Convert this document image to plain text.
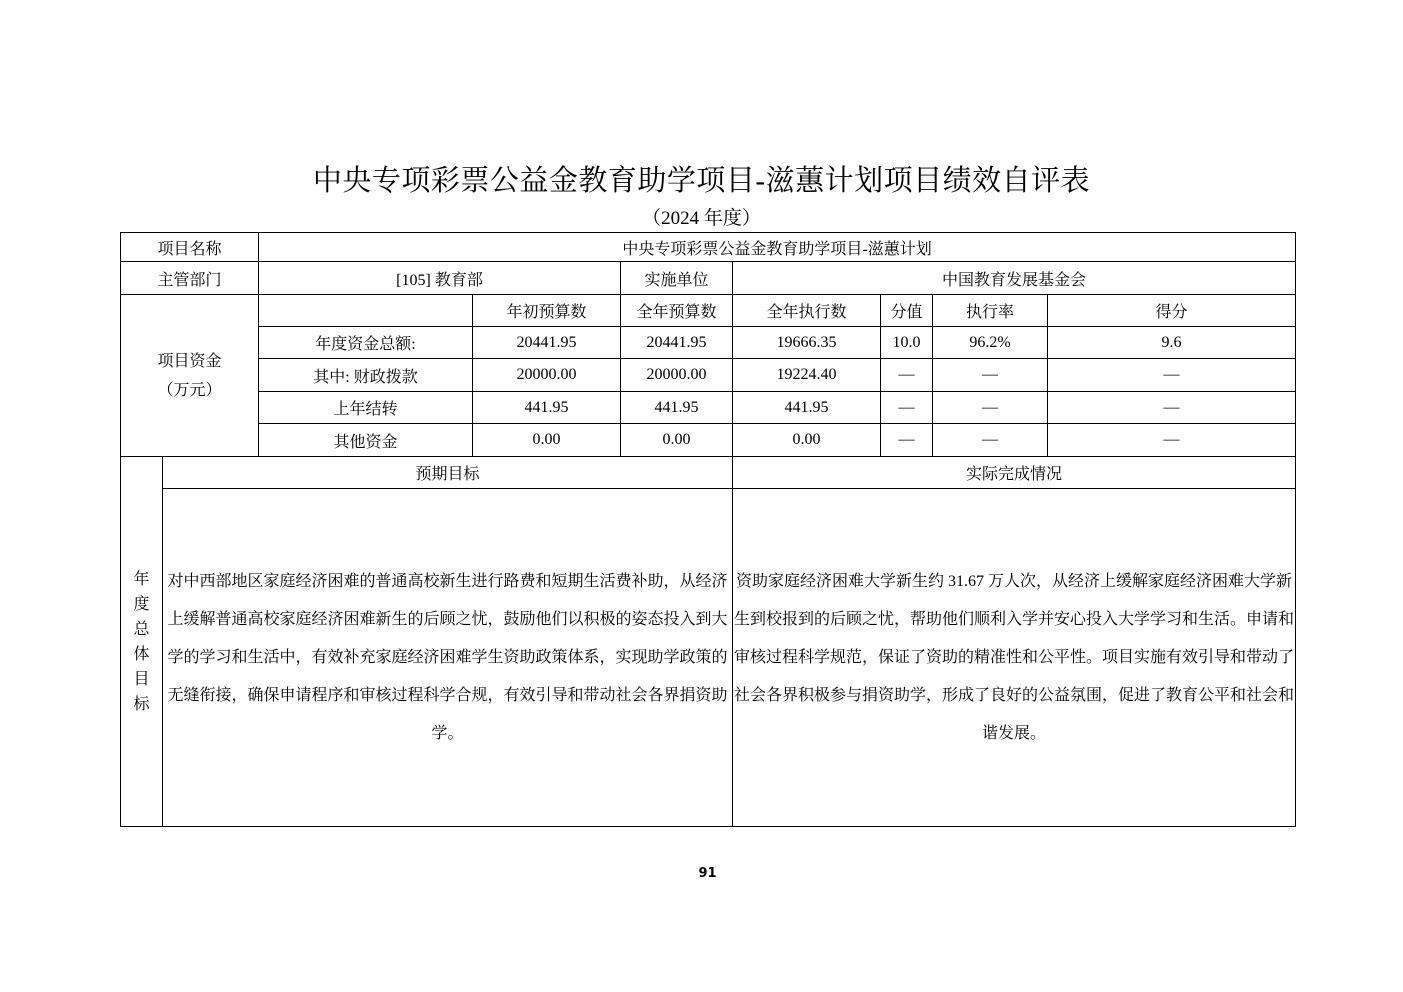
中央专项彩票公益金教育助学项目-滋蕙计划项目绩效自评表
（2024 年度）
项目名称		中央专项彩票公益金教育助学项目-滋蕙计划						
主管部门		[105] 教育部		实施单位	中国教育发展基金会			

项目资金
（万元）			年初预算数	全年预算数	全年执行数	分值	执行率	得分
		年度资金总额:	20441.95	20441.95	19666.35	10.0	96.2%	9.6
		其中: 财政拨款	20000.00	20000.00	19224.40	—	—	—
		上年结转	441.95	441.95	441.95	—	—	—
		其他资金	0.00	0.00	0.00	—	—	—

年度总体目标	预期目标				实际完成情况			
	对中西部地区家庭经济困难的普通高校新生进行路费和短期生活费补助，从经济上缓解普通高校家庭经济困难新生的后顾之忧，鼓励他们以积极的姿态投入到大学的学习和生活中，有效补充家庭经济困难学生资助政策体系，实现助学政策的无缝衔接，确保申请程序和审核过程科学合规，有效引导和带动社会各界捐资助学。				资助家庭经济困难大学新生约 31.67 万人次，从经济上缓解家庭经济困难大学新生到校报到的后顾之忧，帮助他们顺利入学并安心投入大学学习和生活。申请和审核过程科学规范，保证了资助的精准性和公平性。项目实施有效引导和带动了社会各界积极参与捐资助学，形成了良好的公益氛围，促进了教育公平和社会和谐发展。			
91
